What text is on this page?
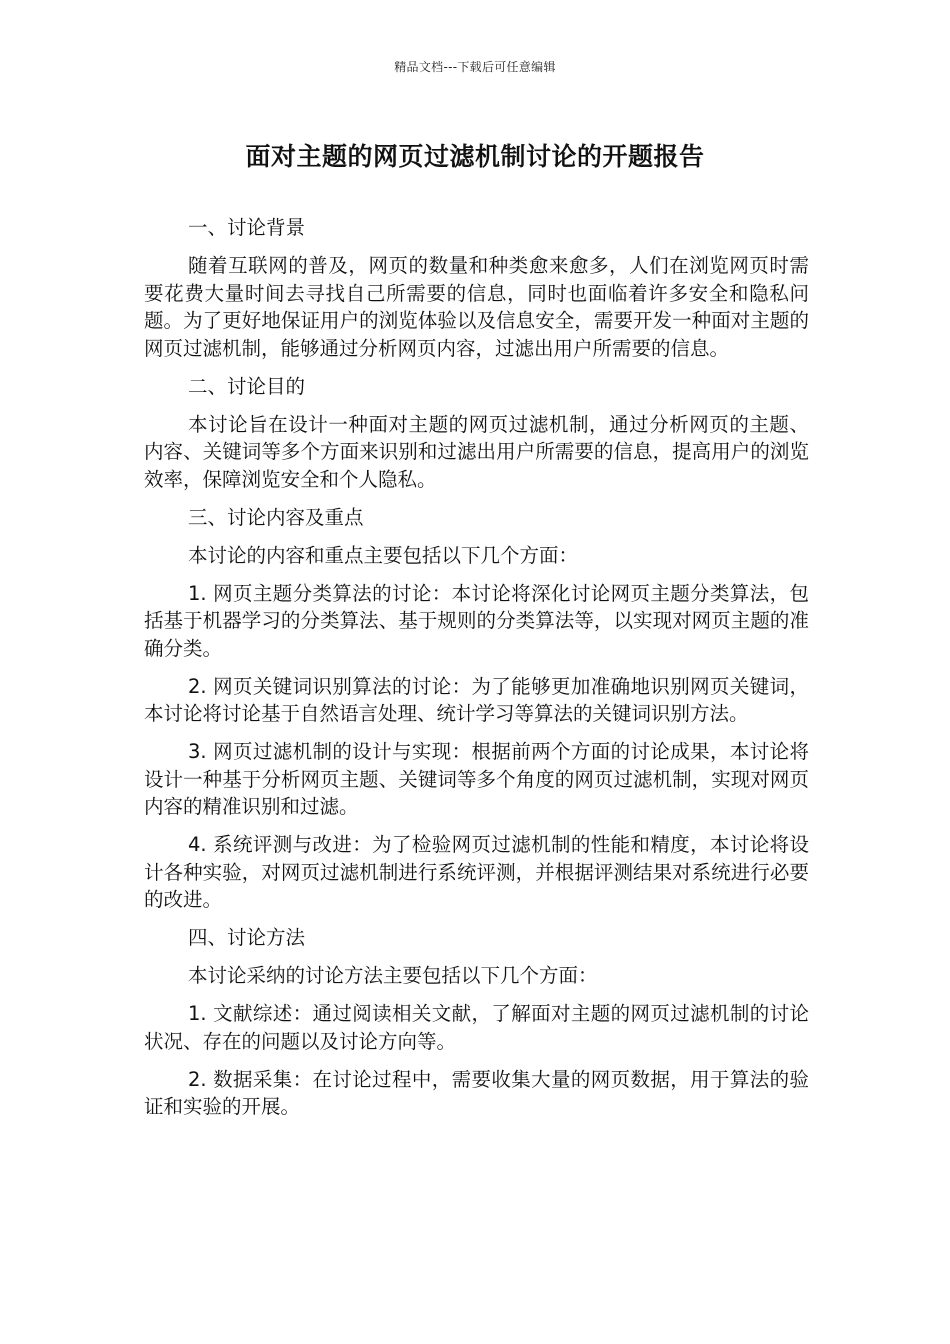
精品文档---下载后可任意编辑
面对主题的网页过滤机制讨论的开题报告

一、讨论背景

随着互联网的普及，网页的数量和种类愈来愈多，人们在浏览网页时需要花费大量时间去寻找自己所需要的信息，同时也面临着许多安全和隐私问题。为了更好地保证用户的浏览体验以及信息安全，需要开发一种面对主题的网页过滤机制，能够通过分析网页内容，过滤出用户所需要的信息。

二、讨论目的

本讨论旨在设计一种面对主题的网页过滤机制，通过分析网页的主题、内容、关键词等多个方面来识别和过滤出用户所需要的信息，提高用户的浏览效率，保障浏览安全和个人隐私。

三、讨论内容及重点

本讨论的内容和重点主要包括以下几个方面：

1. 网页主题分类算法的讨论：本讨论将深化讨论网页主题分类算法，包括基于机器学习的分类算法、基于规则的分类算法等，以实现对网页主题的准确分类。

2. 网页关键词识别算法的讨论：为了能够更加准确地识别网页关键词，本讨论将讨论基于自然语言处理、统计学习等算法的关键词识别方法。

3. 网页过滤机制的设计与实现：根据前两个方面的讨论成果，本讨论将设计一种基于分析网页主题、关键词等多个角度的网页过滤机制，实现对网页内容的精准识别和过滤。

4. 系统评测与改进：为了检验网页过滤机制的性能和精度，本讨论将设计各种实验，对网页过滤机制进行系统评测，并根据评测结果对系统进行必要的改进。

四、讨论方法

本讨论采纳的讨论方法主要包括以下几个方面：

1. 文献综述：通过阅读相关文献，了解面对主题的网页过滤机制的讨论状况、存在的问题以及讨论方向等。

2. 数据采集：在讨论过程中，需要收集大量的网页数据，用于算法的验证和实验的开展。
